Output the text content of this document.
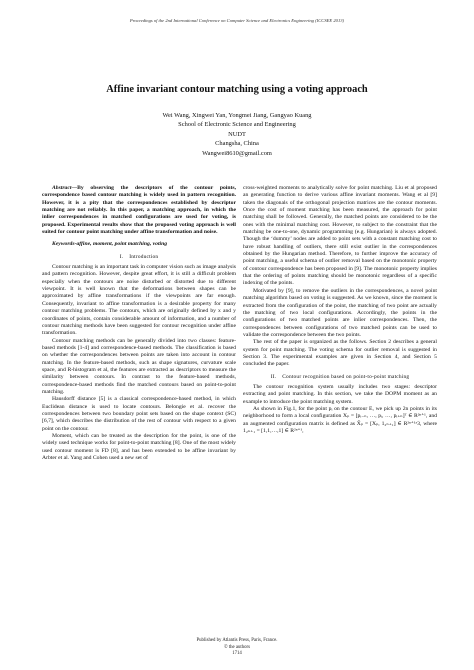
Proceedings of the 2nd International Conference on Computer Science and Electronics Engineering (ICCSEE 2013)
Affine invariant contour matching using a voting approach
Wei Wang, Xingwei Yan, Yongmei Jiang, Gangyao Kuang
School of Electronic Science and Engineering
NUDT
Changsha, China
Wangwei8610@gmail.com

Abstract—By observing the descriptors of the contour points, correspondence based contour matching is widely used in pattern recognition. However, it is a pity that the correspondences established by descriptor matching are not reliably. In this paper, a matching approach, in which the inlier correspondences in matched configurations are used for voting, is proposed. Experimental results show that the proposed voting approach is well suited for contour point matching under affine transformation and noise.

Keywords-affine, moment, point matching, voting

I. Introduction

Contour matching is an important task in computer vision such as image analysis and pattern recognition. However, despite great effort, it is still a difficult problem especially when the contours are noise disturbed or distorted due to different viewpoint. It is well known that the deformations between shapes can be approximated by affine transformations if the viewpoints are far enough. Consequently, invariant to affine transformation is a desirable property for many contour matching problems. The contours, which are originally defined by x and y coordinates of points, contain considerable amount of information, and a number of contour matching methods have been suggested for contour recognition under affine transformation.

Contour matching methods can be generally divided into two classes: feature-based methods [1-4] and correspondence-based methods. The classification is based on whether the correspondences between points are taken into account in contour matching. In the feature-based methods, such as shape signatures, curvature scale space, and R-histogram et al, the features are extracted as descriptors to measure the similarity between contours. In contrast to the feature-based methods, correspondence-based methods find the matched contours based on point-to-point matching.

Hausdorff distance [5] is a classical correspondence-based method, in which Euclidean distance is used to locate contours. Belongie et al. recover the correspondences between two boundary point sets based on the shape context (SC) [6,7], which describes the distribution of the rest of contour with respect to a given point on the contour.

Moment, which can be treated as the description for the point, is one of the widely used technique works for point-to-point matching [8]. One of the most widely used contour moment is FD [8], and has been extended to be affine invariant by Arbter et al. Yang and Cohen used a new set of

cross-weighted moments to analytically solve for point matching. Liu et al proposed an generating function to derive various affine invariant moments. Wang et al [9] taken the diagonals of the orthogonal projection matrices are the contour moments. Once the cost of moment matching has been measured, the approach for point matching shall be followed. Generally, the matched points are considered to be the ones with the minimal matching cost. However, to subject to the constraint that the matching be one-to-one, dynamic programming (e.g. Hungarian) is always adopted. Though the ‘dummy’ nodes are added to point sets with a constant matching cost to have robust handling of outliers, there still exist outlier in the correspondences obtained by the Hungarian method. Therefore, to further improve the accuracy of point matching, a useful schema of outlier removal based on the monotonic property of contour correspondence has been proposed in [9]. The monotonic property implies that the ordering of points matching should be monotonic regardless of a specific indexing of the points.

Motivated by [9], to remove the outliers in the correspondences, a novel point matching algorithm based on voting is suggested. As we known, since the moment is extracted from the configuration of the point, the matching of two point are actually the matching of two local configurations. Accordingly, the points in the configurations of two matched points are inlier correspondences. Then, the correspondences between configurations of two matched points can be used to validate the correspondence between the two points.

The rest of the paper is organized as the follows. Section 2 describes a general system for point matching. The voting schema for outlier removal is suggested in Section 3. The experimental examples are given in Section 4, and Section 5 concluded the paper.

II. Contour recognition based on point-to-point matching

The contour recognition system usually includes two stages: descriptor extracting and point matching. In this section, we take the DOPM moment as an example to introduce the point matching system.

As shown in Fig.1, for the point pᵢ on the contour E, we pick up 2n points in its neighborhood to form a local configuration Xₚ = [pᵢ₋ₙ, …, pᵢ, …, pᵢ₊ₙ]ᵀ ∈ R²ⁿ⁺¹, and an augmented configuration matrix is defined as X̃ₚ = [Xₚ, 1₂ₙ₊₁] ∈ R²ⁿ⁺¹ˣ3, where 1₂ₙ₊₁ = [1,1,…,1] ∈ R²ⁿ⁺¹,

Published by Atlantis Press, Paris, France.
© the authors
1714
